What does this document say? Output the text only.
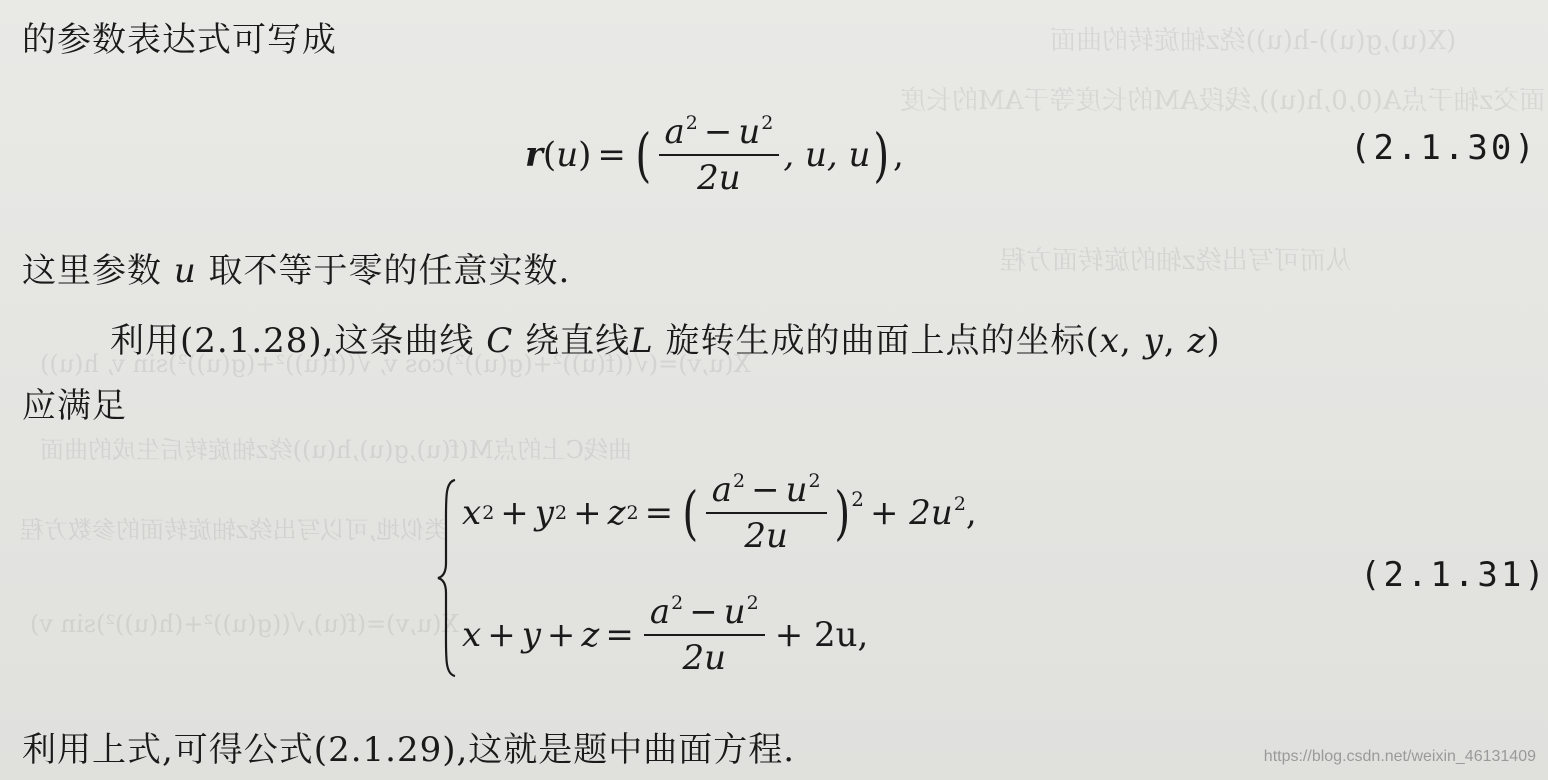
(X(u),g(u))-h(u))绕z轴旋转的曲面
面交z轴于点A(0,0,h(u)),线段AM的长度等于AM的长度
从而可写出绕z轴的旋转面方程
X(u,v)=(√((f(u))²+(g(u))²)cos v, √((f(u))²+(g(u))²)sin v, h(u))
曲线C上的点M(f(u),g(u),h(u))绕z轴旋转后生成的曲面
类似地,可以写出绕z轴旋转面的参数方程
X(u,v)=(f(u),√((g(u))²+(h(u))²)sin v)
的参数表达式可写成
r (u) = ( $\frac{a^2 - u^2}{2u}$ , u, u ) ,	(2.1.30)
这里参数 u 取不等于零的任意实数.
利用(2.1.28),这条曲线 C 绕直线L 旋转生成的曲面上点的坐标(x, y, z)
应满足
x 2 + y 2 + z 2 = ( $\frac{a^2 - u^2}{2u}$ ) $2 + 2u^2$,
$x + y + z = \frac{a^2 - u^2}{2u} + 2u$,
(2.1.31)
利用上式,可得公式(2.1.29),这就是题中曲面方程.	https://blog.csdn.net/weixin_46131409
